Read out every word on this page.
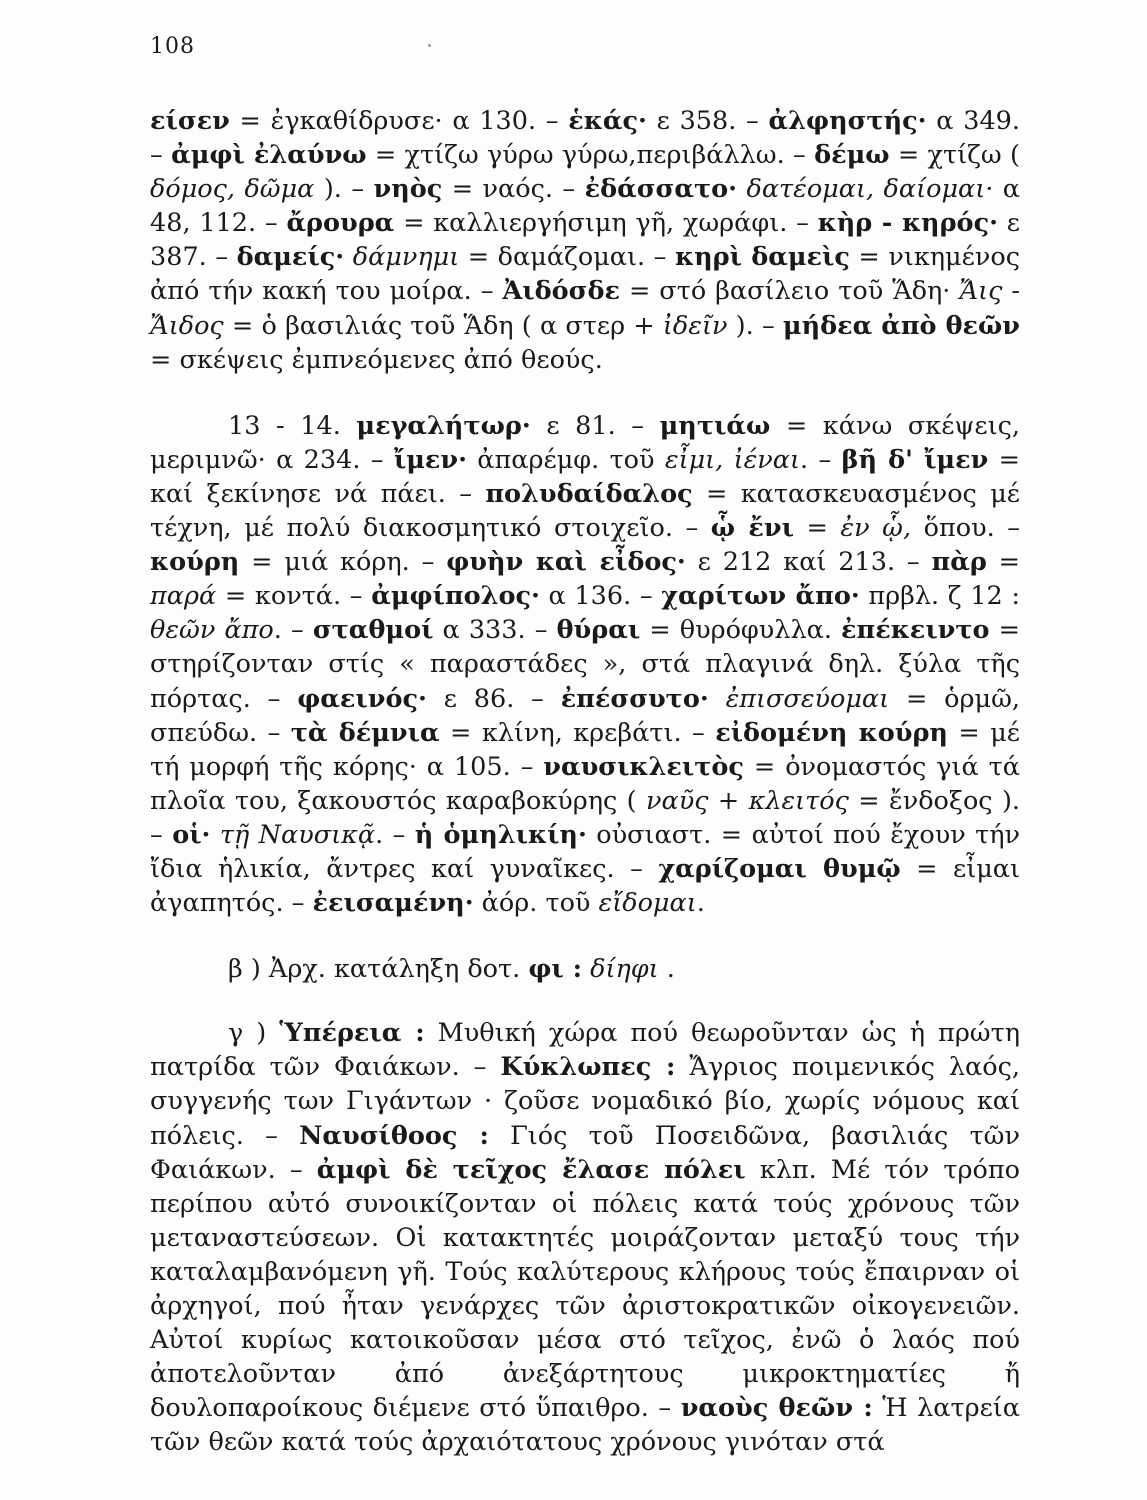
108

είσεν = ἐγκαθίδρυσε· α 130. – ἑκάς· ε 358. – ἀλφηστής· α 349. – ἀμφὶ ἐλαύνω = χτίζω γύρω γύρω,περιβάλλω. – δέμω = χτίζω ( δόμος, δῶμα ). – νηὸς = ναός. – ἐδάσσατο· δατέομαι, δαίομαι· α 48, 112. – ἄρουρα = καλλιεργήσιμη γῆ, χωράφι. – κὴρ - κηρός· ε 387. – δαμείς· δάμνημι = δαμάζομαι. – κηρὶ δαμεὶς = νικημένος ἀπό τήν κακή του μοίρα. – Ἀιδόσδε = στό βασίλειο τοῦ Ἅδη· Ἄις - Ἄιδος = ὁ βασιλιάς τοῦ Ἅδη ( α στερ + ἰδεῖν ). – μήδεα ἀπὸ θεῶν = σκέψεις ἐμπνεόμενες ἀπό θεούς.

13 - 14. μεγαλήτωρ· ε 81. – μητιάω = κάνω σκέψεις, μεριμνῶ· α 234. – ἴμεν· ἀπαρέμφ. τοῦ εἶμι, ἰέναι. – βῆ δ' ἴμεν = καί ξεκίνησε νά πάει. – πολυδαίδαλος = κατασκευασμένος μέ τέχνη, μέ πολύ διακοσμητικό στοιχεῖο. – ᾧ ἔνι = ἐν ᾧ, ὅπου. – κούρη = μιά κόρη. – φυὴν καὶ εἶδος· ε 212 καί 213. – πὰρ = παρά = κοντά. – ἀμφίπολος· α 136. – χαρίτων ἄπο· πρβλ. ζ 12 : θεῶν ἄπο. – σταθμοί α 333. – θύραι = θυρόφυλλα. ἐπέκειντο = στηρίζονταν στίς « παραστάδες », στά πλαγινά δηλ. ξύλα τῆς πόρτας. – φαεινός· ε 86. – ἐπέσσυτο· ἐπισσεύομαι = ὁρμῶ, σπεύδω. – τὰ δέμνια = κλίνη, κρεβάτι. – εἰδομένη κούρη = μέ τή μορφή τῆς κόρης· α 105. – ναυσικλειτὸς = ὀνομαστός γιά τά πλοῖα του, ξακουστός καραβοκύρης ( ναῦς + κλειτός = ἔνδοξος ). – οἱ· τῇ Ναυσικᾷ. – ἡ ὁμηλικίη· οὐσιαστ. = αὐτοί πού ἔχουν τήν ἴδια ἡλικία, ἄντρες καί γυναῖκες. – χαρίζομαι θυμῷ = εἶμαι ἀγαπητός. – ἐεισαμένη· ἀόρ. τοῦ εἴδομαι.

β ) Ἀρχ. κατάληξη δοτ. φι : δίηφι .

γ ) Ὑπέρεια : Μυθική χώρα πού θεωροῦνταν ὡς ἡ πρώτη πατρίδα τῶν Φαιάκων. – Κύκλωπες : Ἄγριος ποιμενικός λαός, συγγενής των Γιγάντων · ζοῦσε νομαδικό βίο, χωρίς νόμους καί πόλεις. – Ναυσίθοος : Γιός τοῦ Ποσειδῶνα, βασιλιάς τῶν Φαιάκων. – ἀμφὶ δὲ τεῖχος ἔλασε πόλει κλπ. Μέ τόν τρόπο περίπου αὐτό συνοικίζονταν οἱ πόλεις κατά τούς χρόνους τῶν μεταναστεύσεων. Οἱ κατακτητές μοιράζονταν μεταξύ τους τήν καταλαμβανόμενη γῆ. Τούς καλύτερους κλήρους τούς ἔπαιρναν οἱ ἀρχηγοί, πού ἦταν γενάρχες τῶν ἀριστοκρατικῶν οἰκογενειῶν. Αὐτοί κυρίως κατοικοῦσαν μέσα στό τεῖχος, ἐνῶ ὁ λαός πού ἀποτελοῦνταν ἀπό ἀνεξάρτητους μικροκτηματίες ἤ δουλοπαροίκους διέμενε στό ὕπαιθρο. – ναοὺς θεῶν : Ἡ λατρεία τῶν θεῶν κατά τούς ἀρχαιότατους χρόνους γινόταν στά
